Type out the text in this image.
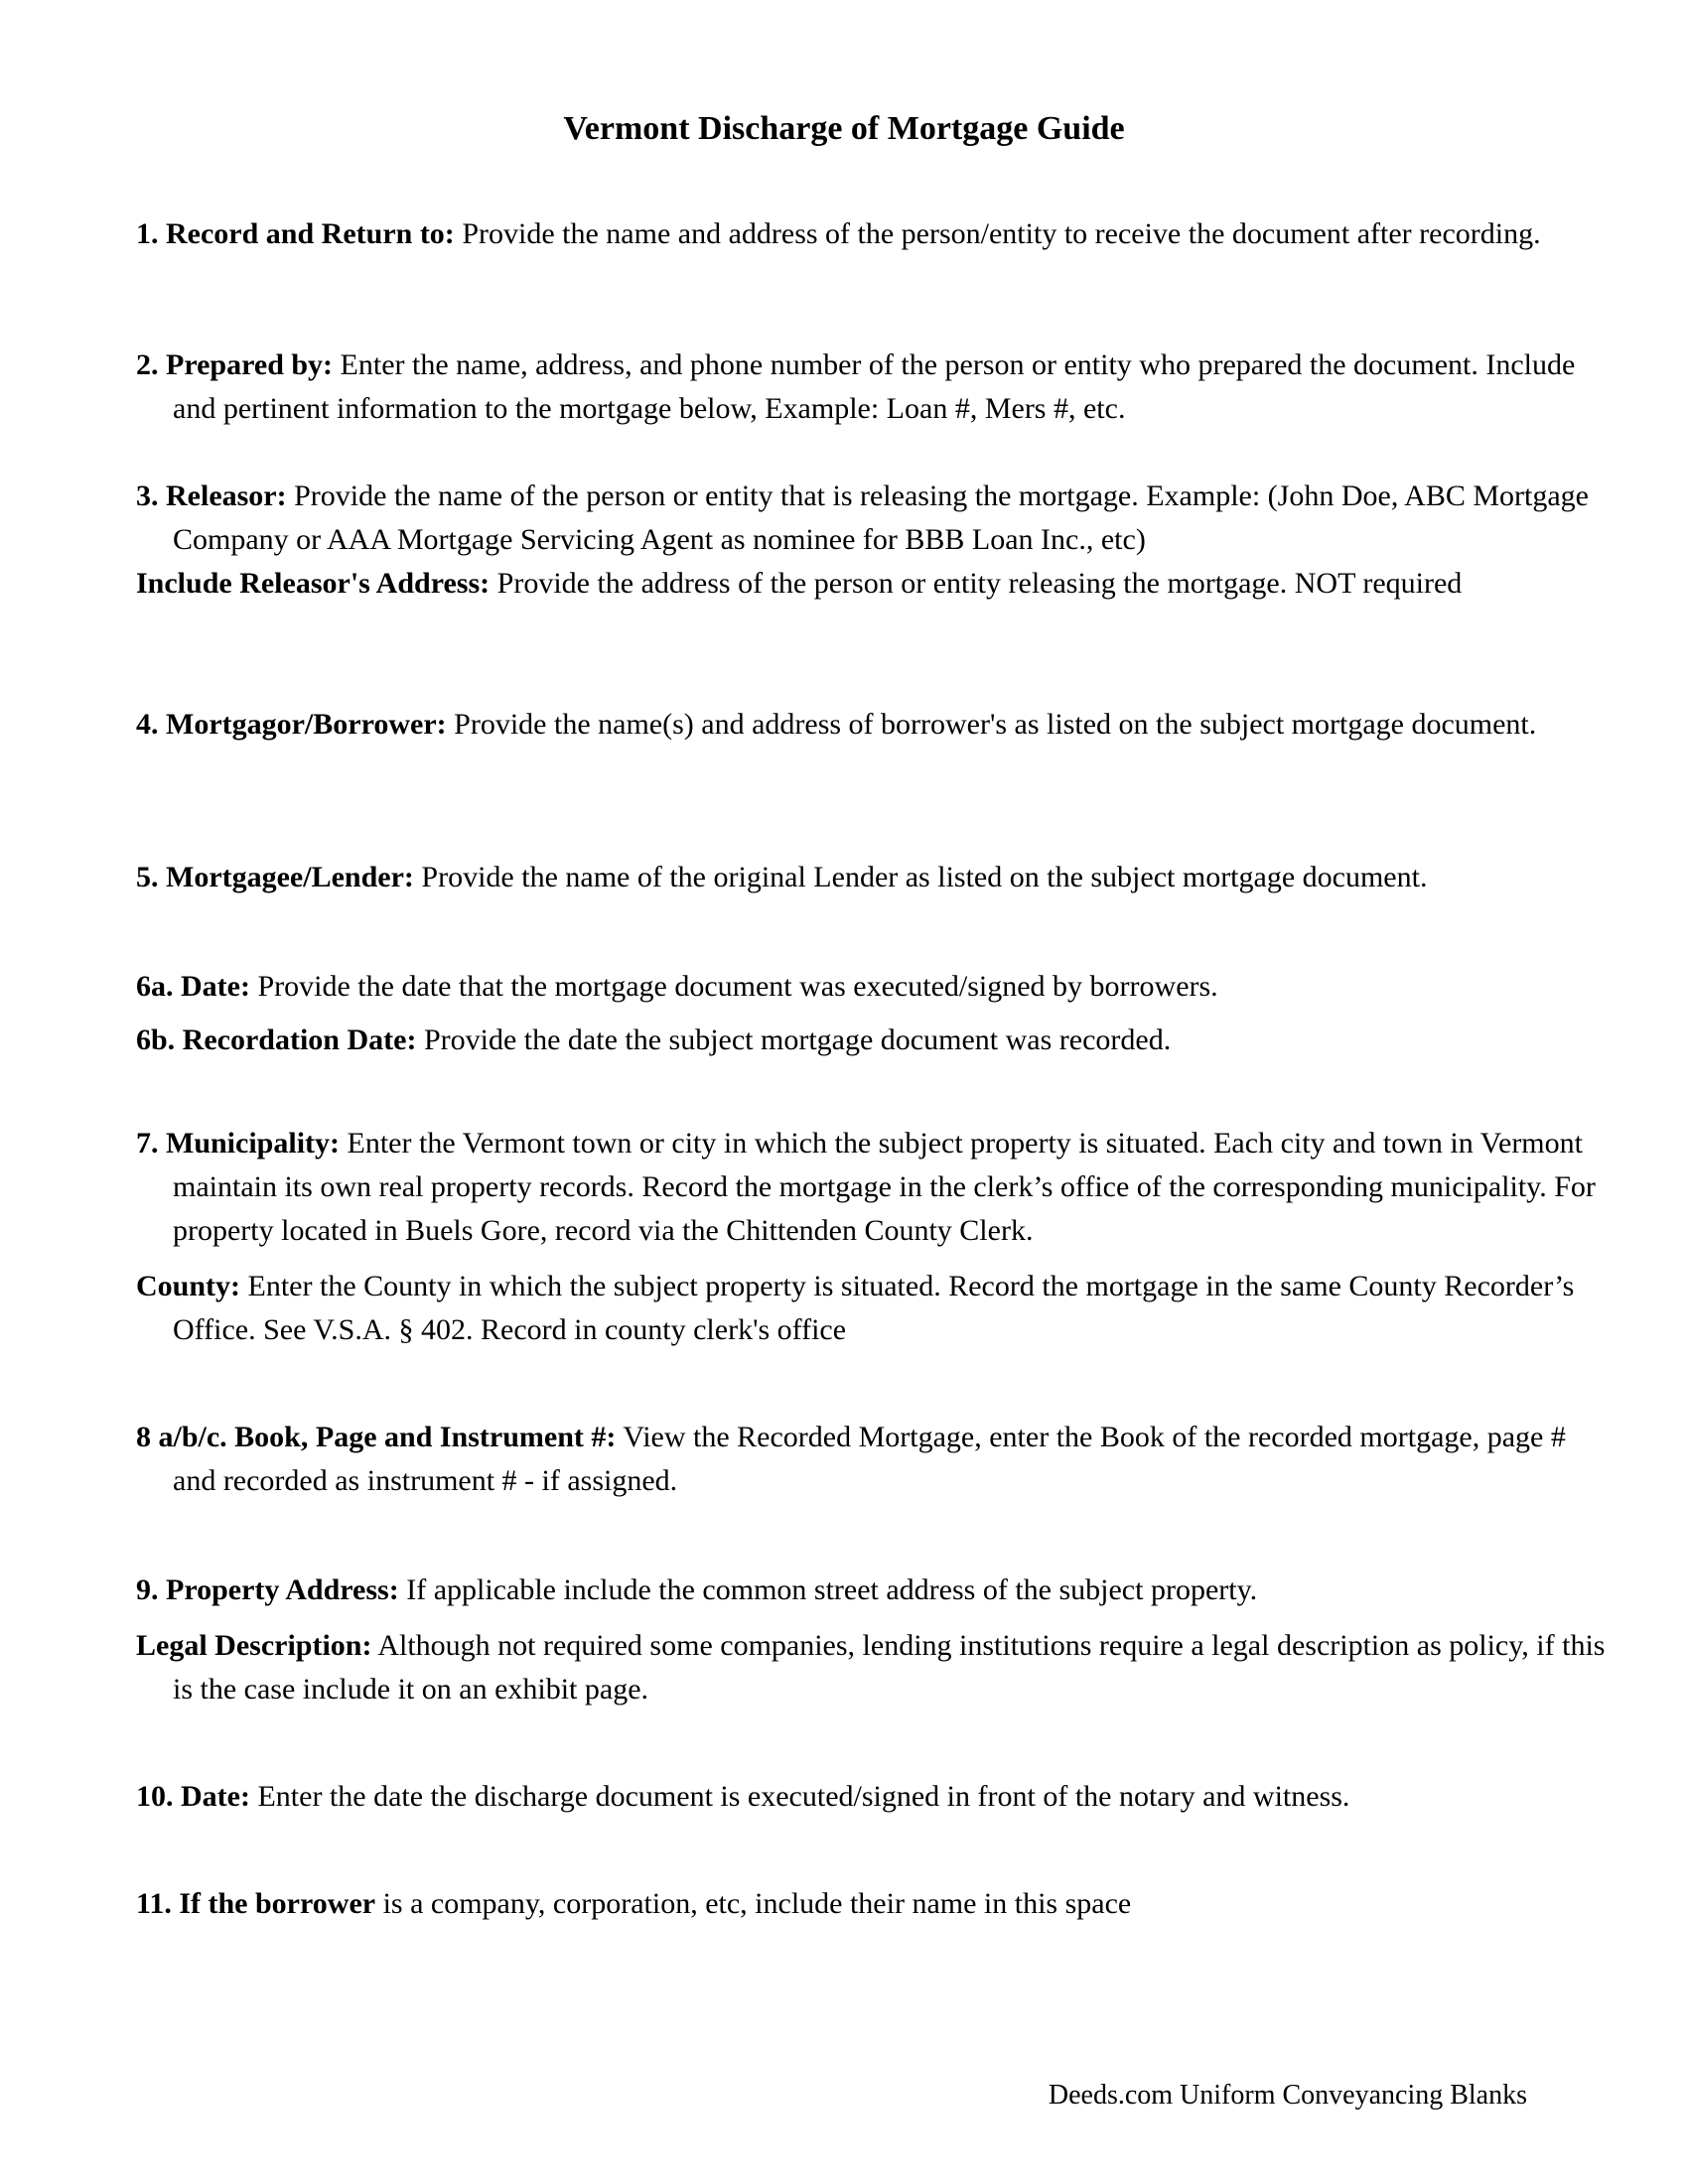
Vermont Discharge of Mortgage Guide

1. Record and Return to: Provide the name and address of the person/entity to receive the document after recording.

2. Prepared by: Enter the name, address, and phone number of the person or entity who prepared the document. Include and pertinent information to the mortgage below, Example: Loan #, Mers #, etc.

3. Releasor: Provide the name of the person or entity that is releasing the mortgage. Example: (John Doe, ABC Mortgage Company or AAA Mortgage Servicing Agent as nominee for BBB Loan Inc., etc)

Include Releasor's Address: Provide the address of the person or entity releasing the mortgage. NOT required

4. Mortgagor/Borrower: Provide the name(s) and address of borrower's as listed on the subject mortgage document.

5. Mortgagee/Lender: Provide the name of the original Lender as listed on the subject mortgage document.

6a. Date: Provide the date that the mortgage document was executed/signed by borrowers.

6b. Recordation Date: Provide the date the subject mortgage document was recorded.

7. Municipality: Enter the Vermont town or city in which the subject property is situated. Each city and town in Vermont maintain its own real property records. Record the mortgage in the clerk’s office of the corresponding municipality. For property located in Buels Gore, record via the Chittenden County Clerk.

County: Enter the County in which the subject property is situated. Record the mortgage in the same County Recorder’s Office. See V.S.A. § 402. Record in county clerk's office

8 a/b/c. Book, Page and Instrument #: View the Recorded Mortgage, enter the Book of the recorded mortgage, page # and recorded as instrument # - if assigned.

9. Property Address: If applicable include the common street address of the subject property.

Legal Description: Although not required some companies, lending institutions require a legal description as policy, if this is the case include it on an exhibit page.

10. Date: Enter the date the discharge document is executed/signed in front of the notary and witness.

11. If the borrower is a company, corporation, etc, include their name in this space

Deeds.com Uniform Conveyancing Blanks
